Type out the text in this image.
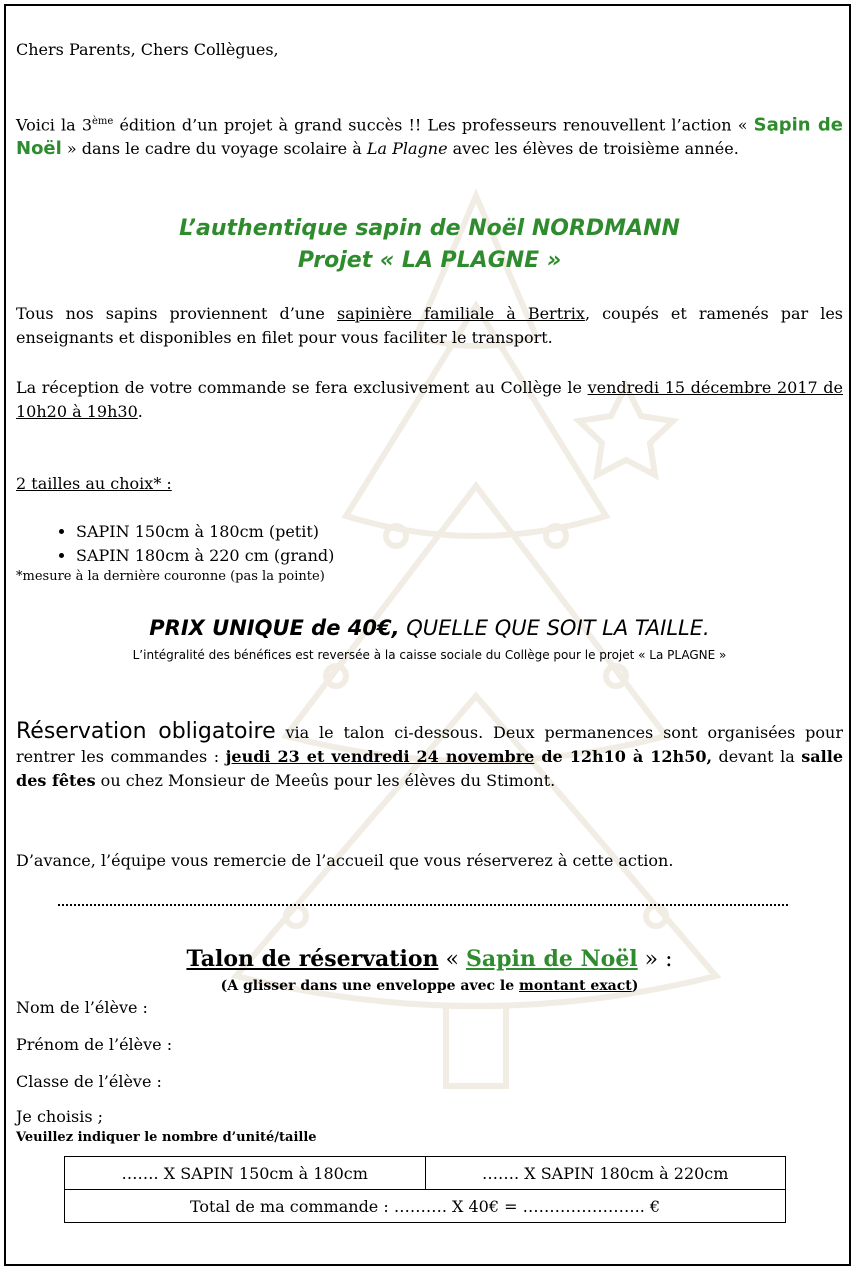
Chers Parents, Chers Collègues,
Voici la 3ème édition d’un projet à grand succès !! Les professeurs renouvellent l’action « Sapin de Noël » dans le cadre du voyage scolaire à La Plagne avec les élèves de troisième année.
L’authentique sapin de Noël NORDMANN
Projet « LA PLAGNE »
Tous nos sapins proviennent d’une sapinière familiale à Bertrix, coupés et ramenés par les enseignants et disponibles en filet pour vous faciliter le transport.
La réception de votre commande se fera exclusivement au Collège le vendredi 15 décembre 2017 de 10h20 à 19h30.
2 tailles au choix* :
• SAPIN 150cm à 180cm (petit)
• SAPIN 180cm à 220 cm (grand)
*mesure à la dernière couronne (pas la pointe)
PRIX UNIQUE de 40€, QUELLE QUE SOIT LA TAILLE.
L’intégralité des bénéfices est reversée à la caisse sociale du Collège pour le projet « La PLAGNE »
Réservation obligatoire via le talon ci-dessous. Deux permanences sont organisées pour rentrer les commandes : jeudi 23 et vendredi 24 novembre de 12h10 à 12h50, devant la salle des fêtes ou chez Monsieur de Meeûs pour les élèves du Stimont.
D’avance, l’équipe vous remercie de l’accueil que vous réserverez à cette action.
Talon de réservation « Sapin de Noël » :
(A glisser dans une enveloppe avec le montant exact)
Nom de l’élève :
Prénom de l’élève :
Classe de l’élève :
Je choisis ;
Veuillez indiquer le nombre d’unité/taille
……. X SAPIN 150cm à 180cm	……. X SAPIN 180cm à 220cm
Total de ma commande : ………. X 40€ = ………………….. €
